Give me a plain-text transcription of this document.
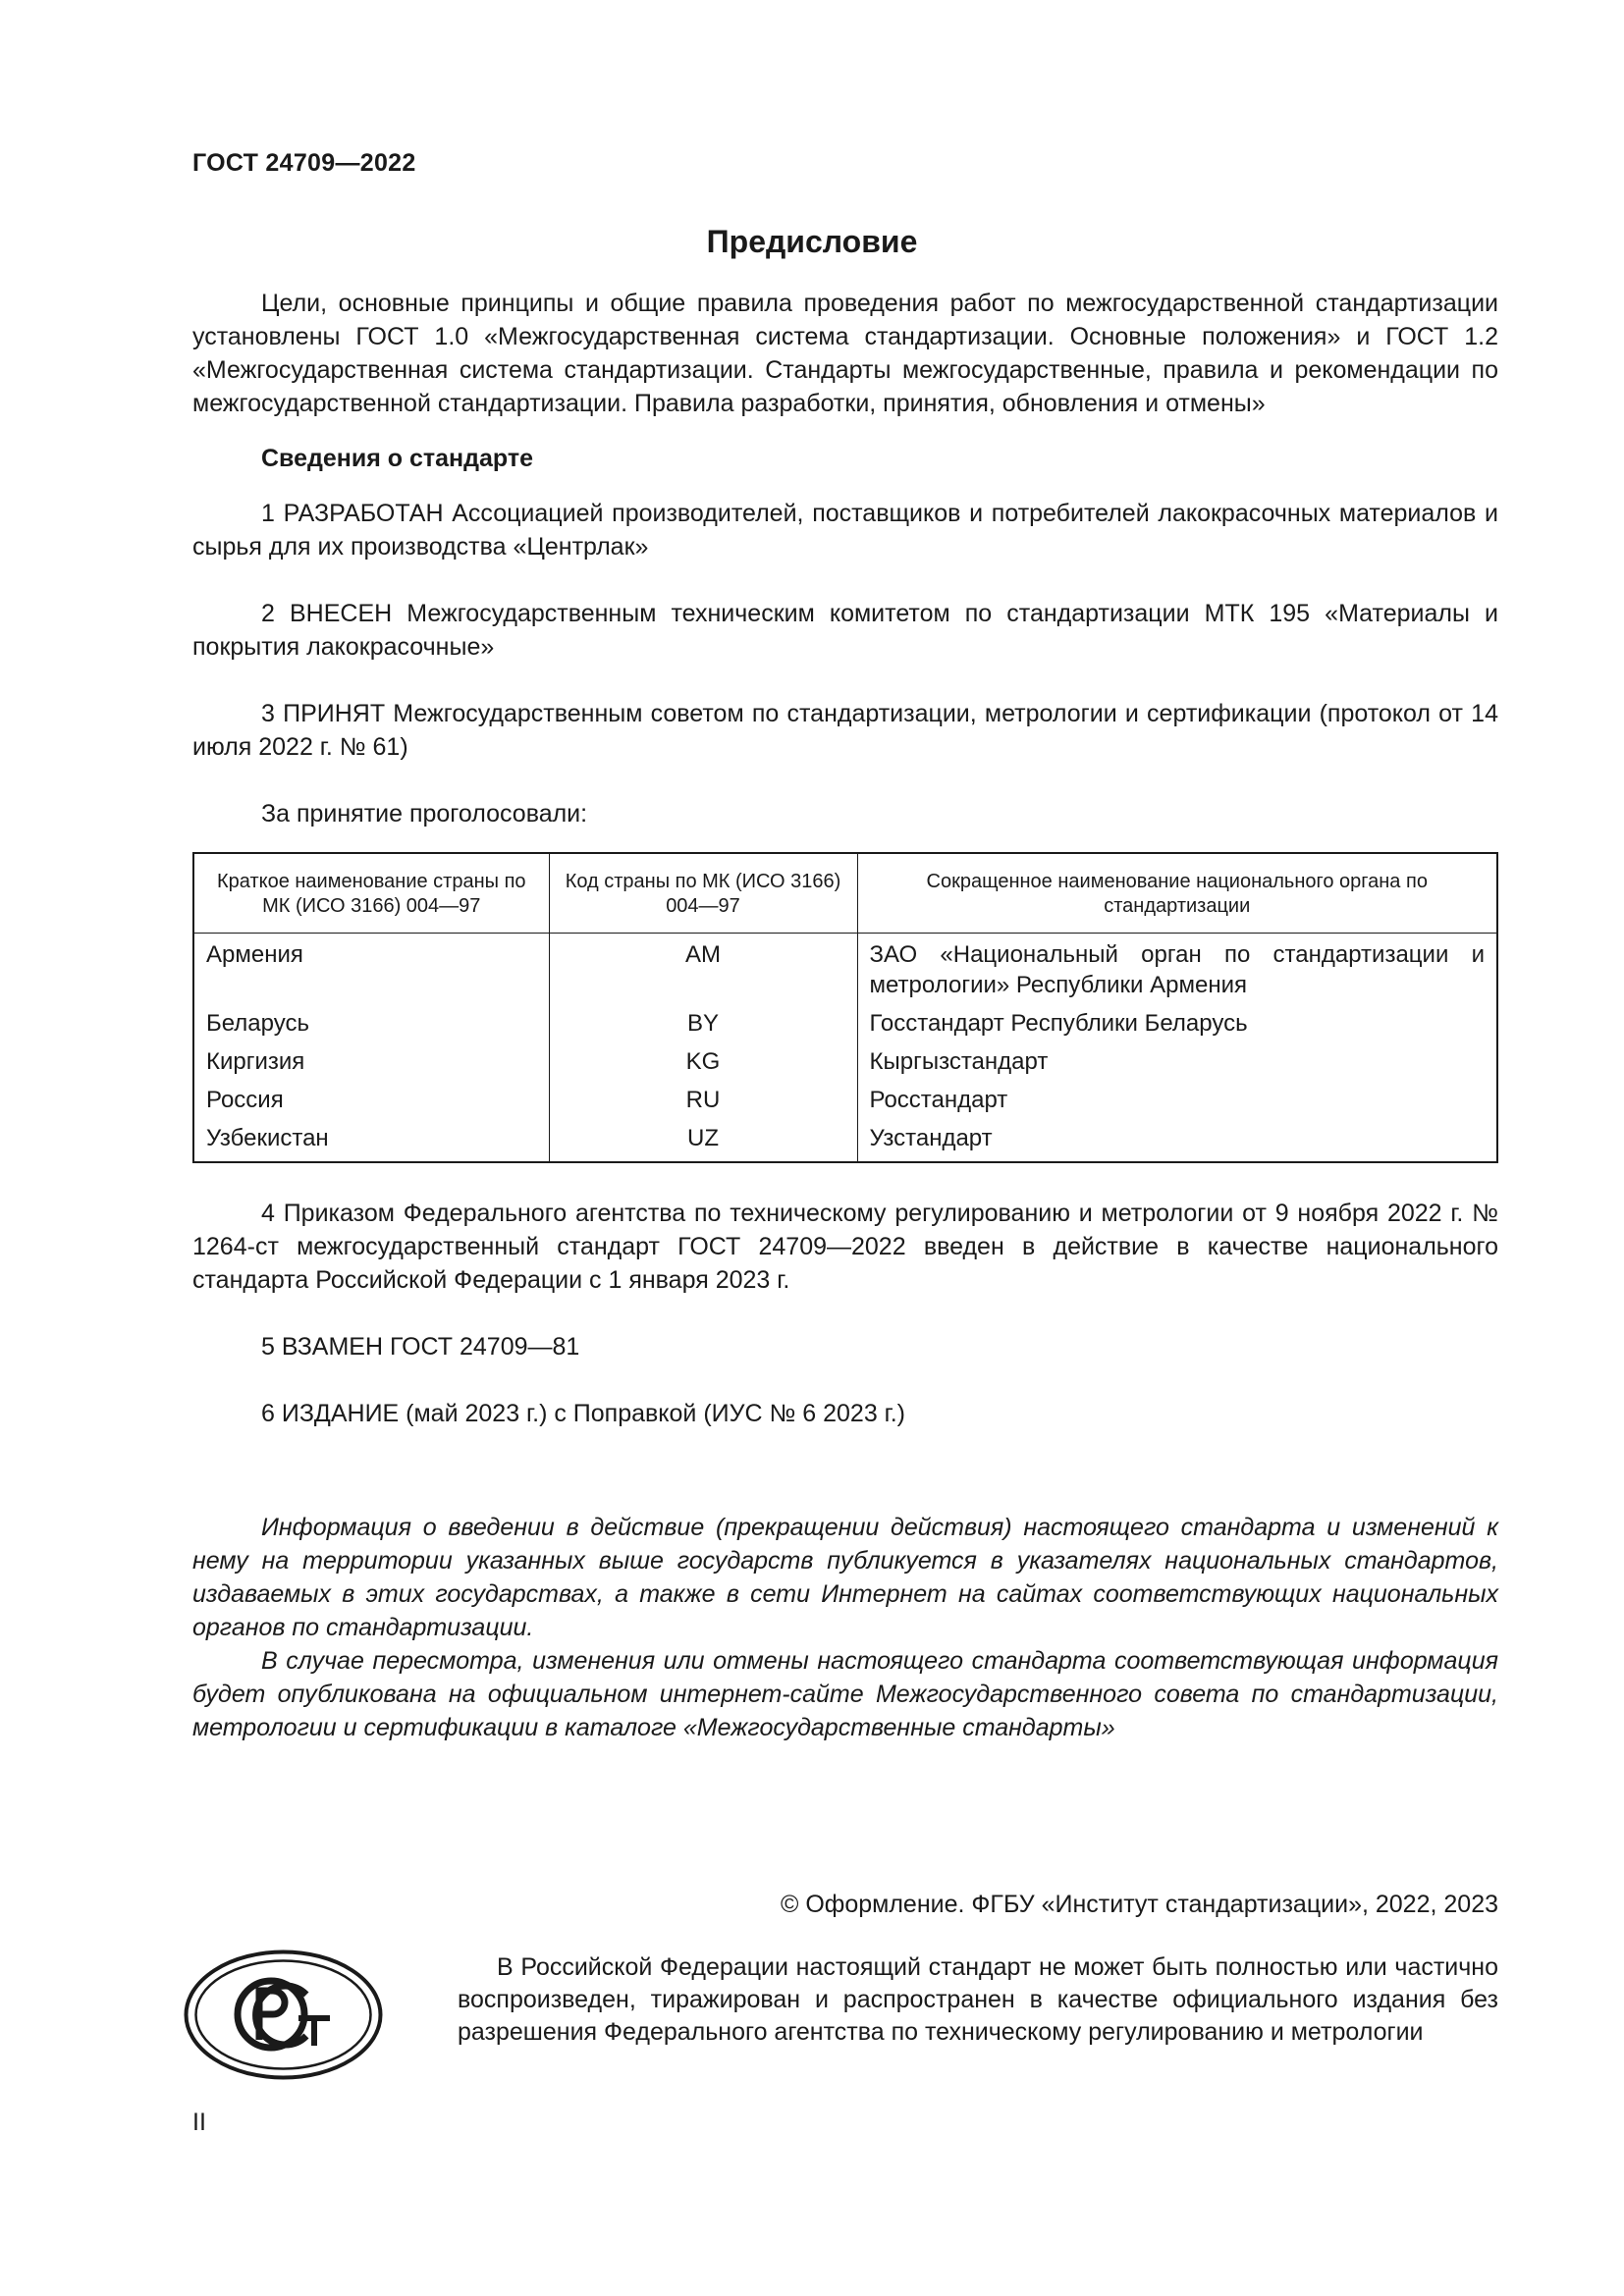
ГОСТ 24709—2022
Предисловие

Цели, основные принципы и общие правила проведения работ по межгосударственной стандартизации установлены ГОСТ 1.0 «Межгосударственная система стандартизации. Основные положения» и ГОСТ 1.2 «Межгосударственная система стандартизации. Стандарты межгосударственные, правила и рекомендации по межгосударственной стандартизации. Правила разработки, принятия, обновления и отмены»

Сведения о стандарте

1 РАЗРАБОТАН Ассоциацией производителей, поставщиков и потребителей лакокрасочных материалов и сырья для их производства «Центрлак»

2 ВНЕСЕН Межгосударственным техническим комитетом по стандартизации МТК 195 «Материалы и покрытия лакокрасочные»

3 ПРИНЯТ Межгосударственным советом по стандартизации, метрологии и сертификации (протокол от 14 июля 2022 г. № 61)

За принятие проголосовали:

Краткое наименование страны по МК (ИСО 3166) 004—97	Код страны по МК (ИСО 3166) 004—97	Сокращенное наименование национального органа по стандартизации
Армения	AM	ЗАО «Национальный орган по стандартизации и метрологии» Республики Армения
Беларусь	BY	Госстандарт Республики Беларусь
Киргизия	KG	Кыргызстандарт
Россия	RU	Росстандарт
Узбекистан	UZ	Узстандарт

4 Приказом Федерального агентства по техническому регулированию и метрологии от 9 ноября 2022 г. № 1264-ст межгосударственный стандарт ГОСТ 24709—2022 введен в действие в качестве национального стандарта Российской Федерации с 1 января 2023 г.

5 ВЗАМЕН ГОСТ 24709—81

6 ИЗДАНИЕ (май 2023 г.) с Поправкой (ИУС № 6 2023 г.)

Информация о введении в действие (прекращении действия) настоящего стандарта и изменений к нему на территории указанных выше государств публикуется в указателях национальных стандартов, издаваемых в этих государствах, а также в сети Интернет на сайтах соответствующих национальных органов по стандартизации.

В случае пересмотра, изменения или отмены настоящего стандарта соответствующая информация будет опубликована на официальном интернет-сайте Межгосударственного совета по стандартизации, метрологии и сертификации в каталоге «Межгосударственные стандарты»

© Оформление. ФГБУ «Институт стандартизации», 2022, 2023

В Российской Федерации настоящий стандарт не может быть полностью или частично воспроизведен, тиражирован и распространен в качестве официального издания без разрешения Федерального агентства по техническому регулированию и метрологии

II
